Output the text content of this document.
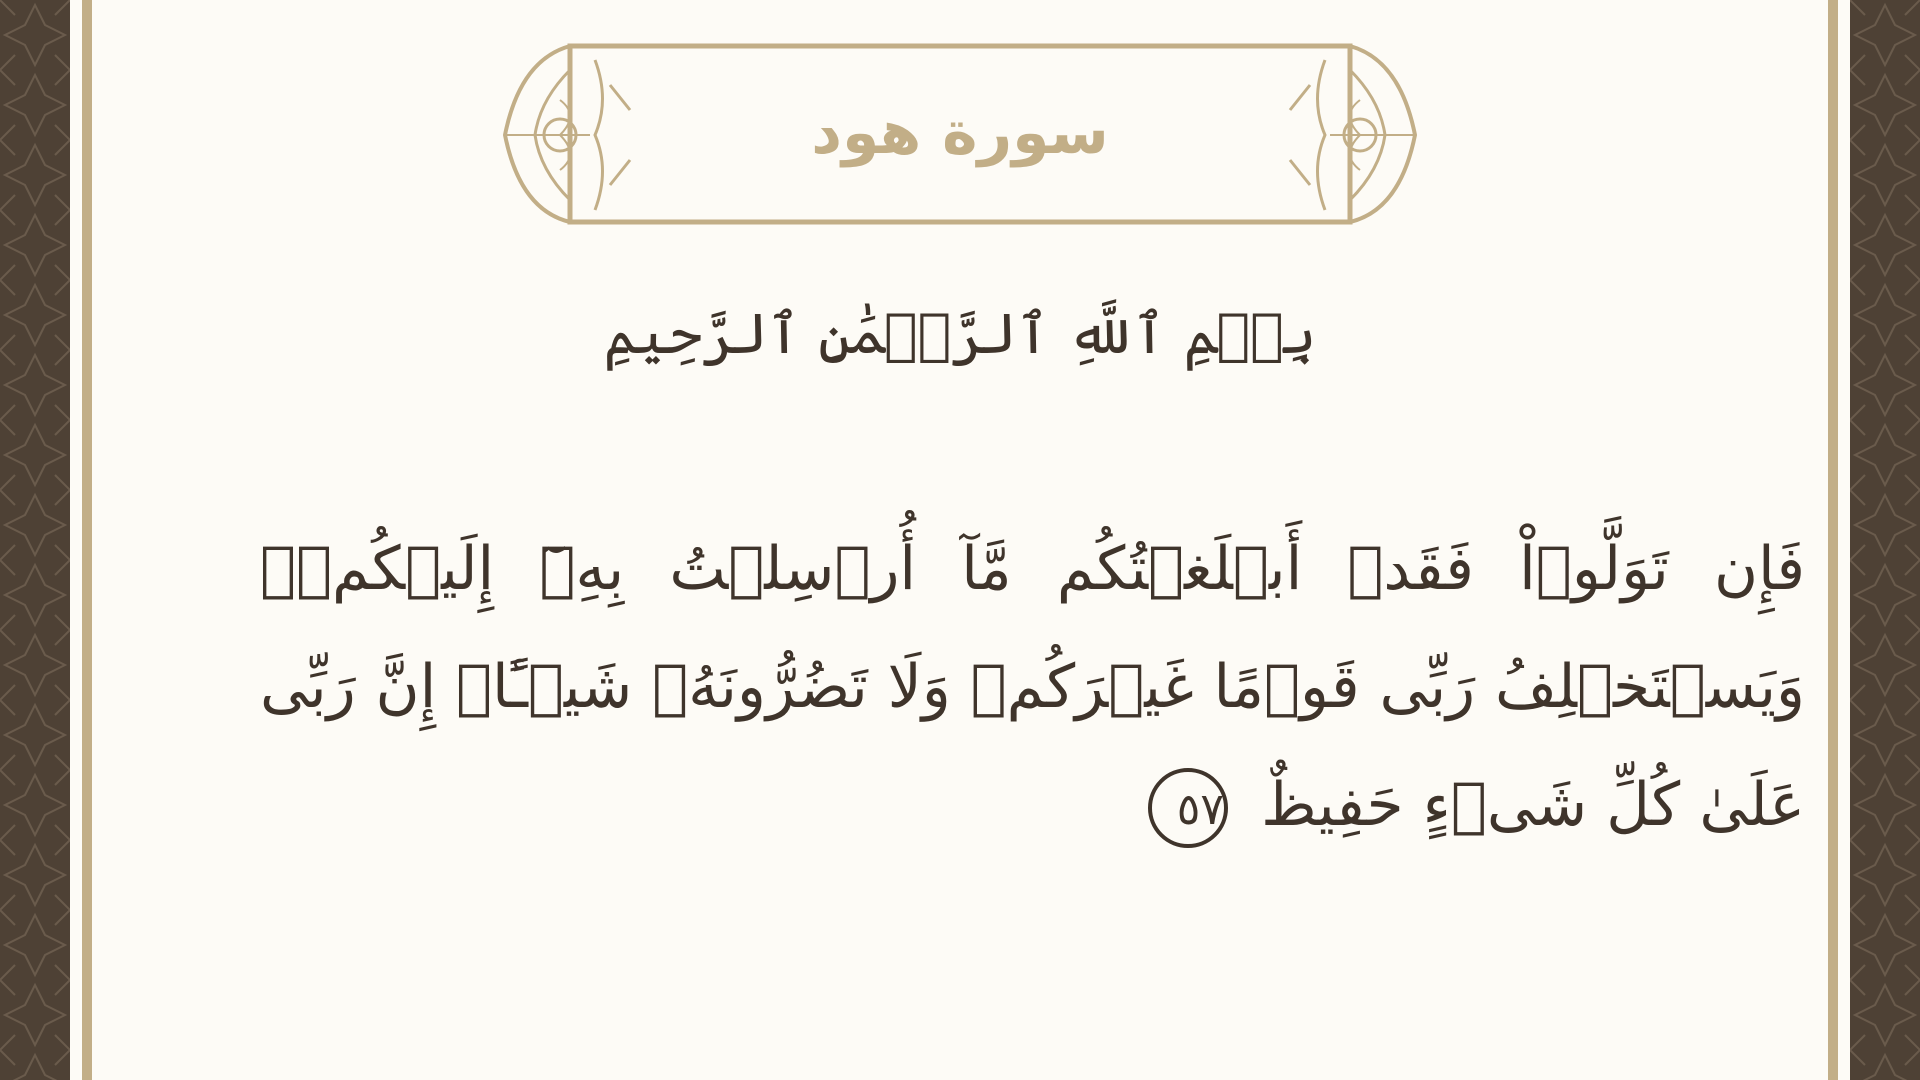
سورة هود
بِسۡمِ ٱللَّهِ ٱلرَّحۡمَٰنِ ٱلرَّحِيمِ
فَإِن تَوَلَّوۡاْ فَقَدۡ أَبۡلَغۡتُكُم مَّآ أُرۡسِلۡتُ بِهِۦٓ إِلَيۡكُمۡۚ وَيَسۡتَخۡلِفُ رَبِّى قَوۡمًا غَيۡرَكُمۡ وَلَا تَضُرُّونَهُۥ شَيۡـًٔاۚ إِنَّ رَبِّى عَلَىٰ كُلِّ شَىۡءٍ حَفِيظٌ ٥٧
